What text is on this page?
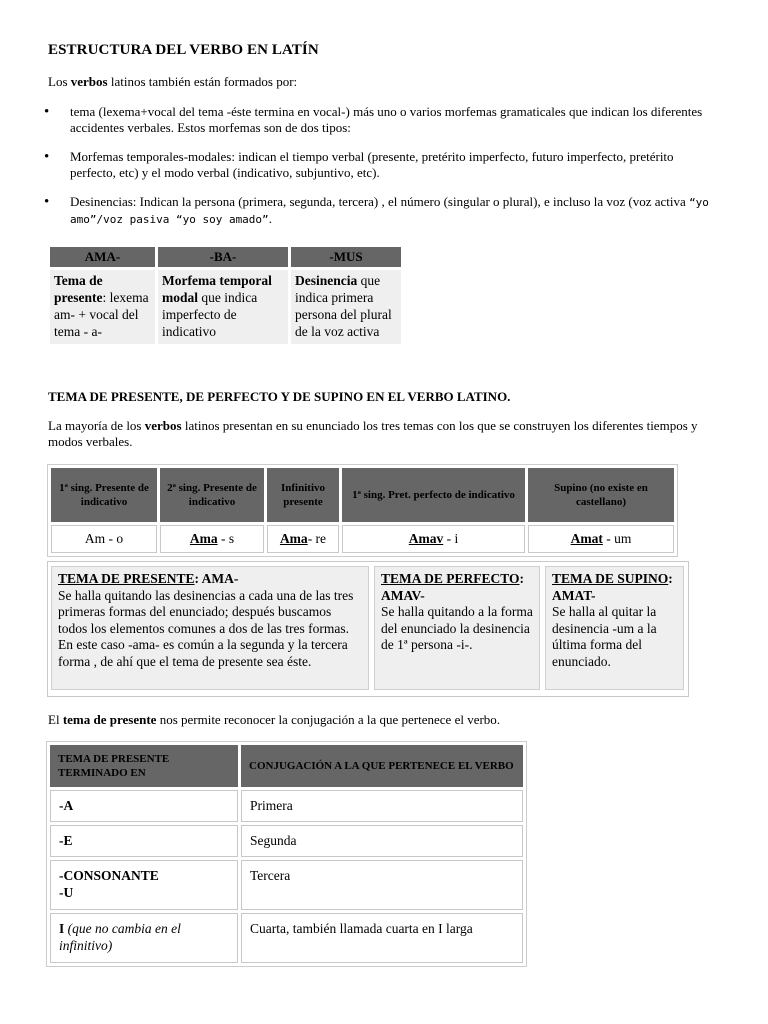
ESTRUCTURA DEL VERBO EN LATÍN
Los verbos latinos también están formados por:
• tema (lexema+vocal del tema -éste termina en vocal-) más uno o varios morfemas gramaticales que indican los diferentes accidentes verbales. Estos morfemas son de dos tipos:
• Morfemas temporales-modales: indican el tiempo verbal (presente, pretérito imperfecto, futuro imperfecto, pretérito perfecto, etc) y el modo verbal (indicativo, subjuntivo, etc).
• Desinencias: Indican la persona (primera, segunda, tercera) , el número (singular o plural), e incluso la voz (voz activa “yo amo”/voz pasiva “yo soy amado”.
AMA-	-BA-	-MUS
Tema de presente: lexema am- + vocal del tema - a-	Morfema temporal modal que indica imperfecto de indicativo	Desinencia que indica primera persona del plural de la voz activa
TEMA DE PRESENTE, DE PERFECTO Y DE SUPINO EN EL VERBO LATINO.
La mayoría de los verbos latinos presentan en su enunciado los tres temas con los que se construyen los diferentes tiempos y modos verbales.
1ª sing. Presente de indicativo	2ª sing. Presente de indicativo	Infinitivo presente	1ª sing. Pret. perfecto de indicativo	Supino (no existe en castellano)
Am - o	Ama - s	Ama- re	Amav - i	Amat - um
TEMA DE PRESENTE: AMA-
Se halla quitando las desinencias a cada una de las tres primeras formas del enunciado; después buscamos todos los elementos comunes a dos de las tres formas. En este caso -ama- es común a la segunda y la tercera forma , de ahí que el tema de presente sea éste.
TEMA DE PERFECTO: AMAV-
Se halla quitando a la forma del enunciado la desinencia de 1ª persona -i-.
TEMA DE SUPINO: AMAT-
Se halla al quitar la desinencia -um a la última forma del enunciado.
El tema de presente nos permite reconocer la conjugación a la que pertenece el verbo.
TEMA DE PRESENTE TERMINADO EN	CONJUGACIÓN A LA QUE PERTENECE EL VERBO
-A	Primera
-E	Segunda

-CONSONANTE
-U	Tercera
I (que no cambia en el infinitivo)	Cuarta, también llamada cuarta en I larga
